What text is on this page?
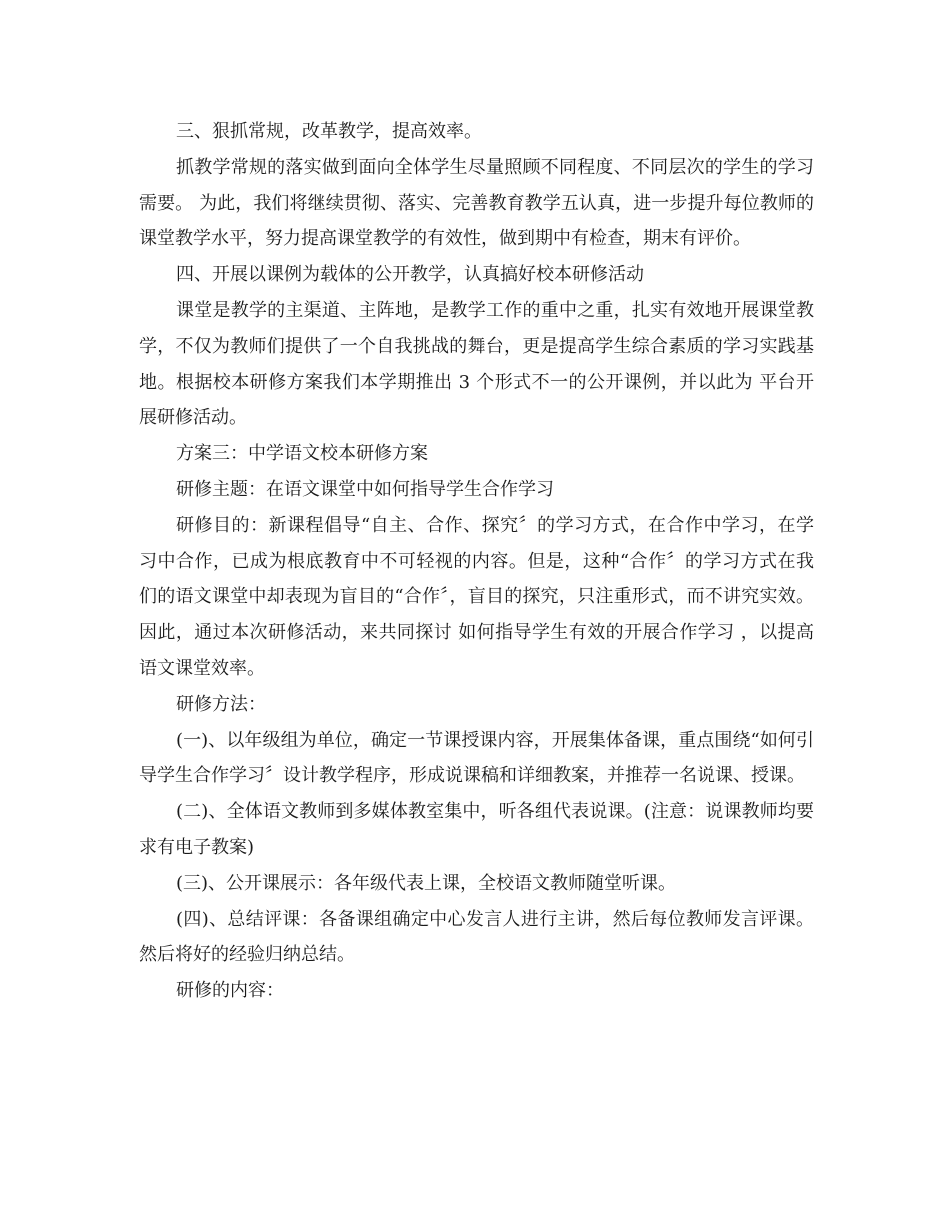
三、狠抓常规，改革教学，提高效率。

抓教学常规的落实做到面向全体学生尽量照顾不同程度、不同层次的学生的学习需要。 为此，我们将继续贯彻、落实、完善教育教学五认真，进一步提升每位教师的课堂教学水平，努力提高课堂教学的有效性，做到期中有检查，期末有评价。

四、开展以课例为载体的公开教学，认真搞好校本研修活动

课堂是教学的主渠道、主阵地，是教学工作的重中之重，扎实有效地开展课堂教学，不仅为教师们提供了一个自我挑战的舞台，更是提高学生综合素质的学习实践基地。根据校本研修方案我们本学期推出 3 个形式不一的公开课例，并以此为 平台开展研修活动。

方案三：中学语文校本研修方案

研修主题：在语文课堂中如何指导学生合作学习

研修目的：新课程倡导“自主、合作、探究〞的学习方式，在合作中学习，在学习中合作，已成为根底教育中不可轻视的内容。但是，这种“合作〞的学习方式在我们的语文课堂中却表现为盲目的“合作〞，盲目的探究，只注重形式，而不讲究实效。因此，通过本次研修活动，来共同探讨 如何指导学生有效的开展合作学习 ，以提高语文课堂效率。

研修方法：

(一)、以年级组为单位，确定一节课授课内容，开展集体备课，重点围绕“如何引导学生合作学习〞设计教学程序，形成说课稿和详细教案，并推荐一名说课、授课。

(二)、全体语文教师到多媒体教室集中，听各组代表说课。(注意：说课教师均要求有电子教案)

(三)、公开课展示：各年级代表上课，全校语文教师随堂听课。

(四)、总结评课：各备课组确定中心发言人进行主讲，然后每位教师发言评课。然后将好的经验归纳总结。

研修的内容：
